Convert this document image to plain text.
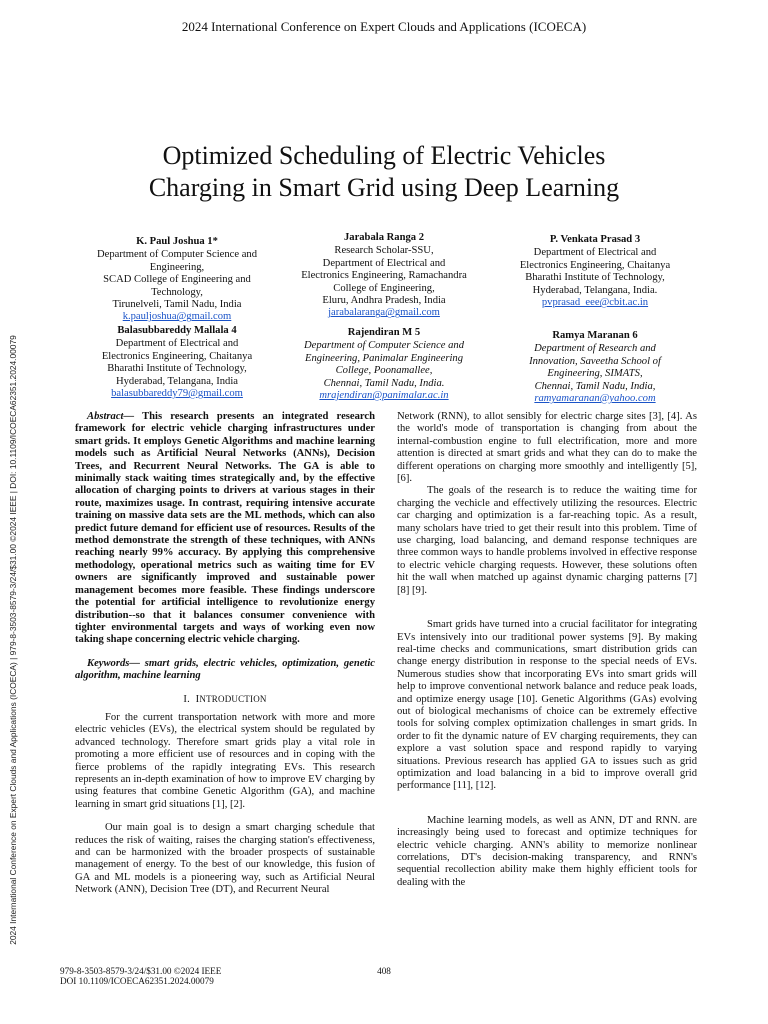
2024 International Conference on Expert Clouds and Applications (ICOECA)
2024 International Conference on Expert Clouds and Applications (ICOECA) | 979-8-3503-8579-3/24/$31.00 ©2024 IEEE | DOI: 10.1109/ICOECA62351.2024.00079
Optimized Scheduling of Electric Vehicles
Charging in Smart Grid using Deep Learning
K. Paul Joshua 1*
Department of Computer Science and
Engineering,
SCAD College of Engineering and
Technology,
Tirunelveli, Tamil Nadu, India
k.pauljoshua@gmail.com
Jarabala Ranga 2
Research Scholar-SSU,
Department of Electrical and
Electronics Engineering, Ramachandra
College of Engineering,
Eluru, Andhra Pradesh, India
jarabalaranga@gmail.com
P. Venkata Prasad 3
Department of Electrical and
Electronics Engineering, Chaitanya
Bharathi Institute of Technology,
Hyderabad, Telangana, India.
pvprasad_eee@cbit.ac.in
Balasubbareddy Mallala 4
Department of Electrical and
Electronics Engineering, Chaitanya
Bharathi Institute of Technology,
Hyderabad, Telangana, India
balasubbareddy79@gmail.com
Rajendiran M 5
Department of Computer Science and
Engineering, Panimalar Engineering
College, Poonamallee,
Chennai, Tamil Nadu, India.
mrajendiran@panimalar.ac.in
Ramya Maranan 6
Department of Research and
Innovation, Saveetha School of
Engineering, SIMATS,
Chennai, Tamil Nadu, India,
ramyamaranan@yahoo.com

Abstract— This research presents an integrated research framework for electric vehicle charging infrastructures under smart grids. It employs Genetic Algorithms and machine learning models such as Artificial Neural Networks (ANNs), Decision Trees, and Recurrent Neural Networks. The GA is able to minimally stack waiting times strategically and, by the effective allocation of charging points to drivers at various stages in their route, maximizes usage. In contrast, requiring intensive accurate training on massive data sets are the ML methods, which can also predict future demand for efficient use of resources. Results of the method demonstrate the strength of these techniques, with ANNs reaching nearly 99% accuracy. By applying this comprehensive methodology, operational metrics such as waiting time for EV owners are significantly improved and sustainable power management becomes more feasible. These findings underscore the potential for artificial intelligence to revolutionize energy distribution--so that it balances consumer convenience with tighter environmental targets and ways of working even now taking shape concerning electric vehicle charging.

Keywords— smart grids, electric vehicles, optimization, genetic algorithm, machine learning

I. INTRODUCTION

For the current transportation network with more and more electric vehicles (EVs), the electrical system should be regulated by advanced technology. Therefore smart grids play a vital role in promoting a more efficient use of resources and in coping with the fierce problems of the rapidly integrating EVs. This research represents an in-depth examination of how to improve EV charging by using features that combine Genetic Algorithm (GA), and machine learning in smart grid situations [1], [2].

Our main goal is to design a smart charging schedule that reduces the risk of waiting, raises the charging station's effectiveness, and can be harmonized with the broader prospects of sustainable management of energy. To the best of our knowledge, this fusion of GA and ML models is a pioneering way, such as Artificial Neural Network (ANN), Decision Tree (DT), and Recurrent Neural

Network (RNN), to allot sensibly for electric charge sites [3], [4]. As the world's mode of transportation is changing from about the internal-combustion engine to full electrification, more and more attention is directed at smart grids and what they can do to make the different operations on charging more smoothly and intelligently [5],[6].

The goals of the research is to reduce the waiting time for charging the vechicle and effectively utilizing the resources. Electric car charging and optimization is a far-reaching topic. As a result, many scholars have tried to get their result into this problem. Time of use charging, load balancing, and demand response techniques are three common ways to handle problems involved in effective response to electric vehicle charging requests. However, these solutions often hit the wall when matched up against dynamic charging patterns [7] [8] [9].

Smart grids have turned into a crucial facilitator for integrating EVs intensively into our traditional power systems [9]. By making real-time checks and communications, smart distribution grids can change energy distribution in response to the special needs of EVs. Numerous studies show that incorporating EVs into smart grids will help to improve conventional network balance and reduce peak loads, and optimize energy usage [10]. Genetic Algorithms (GAs) evolving out of biological mechanisms of choice can be extremely effective tools for solving complex optimization challenges in smart grids. In order to fit the dynamic nature of EV charging requirements, they can explore a vast solution space and respond rapidly to varying situations. Previous research has applied GA to issues such as grid optimization and load balancing in a bid to improve overall grid performance [11], [12].

Machine learning models, as well as ANN, DT and RNN. are increasingly being used to forecast and optimize techniques for electric vehicle charging. ANN's ability to memorize nonlinear correlations, DT's decision-making transparency, and RNN's sequential recollection ability make them highly efficient tools for dealing with the

979-8-3503-8579-3/24/$31.00 ©2024 IEEE
DOI 10.1109/ICOECA62351.2024.00079
408
